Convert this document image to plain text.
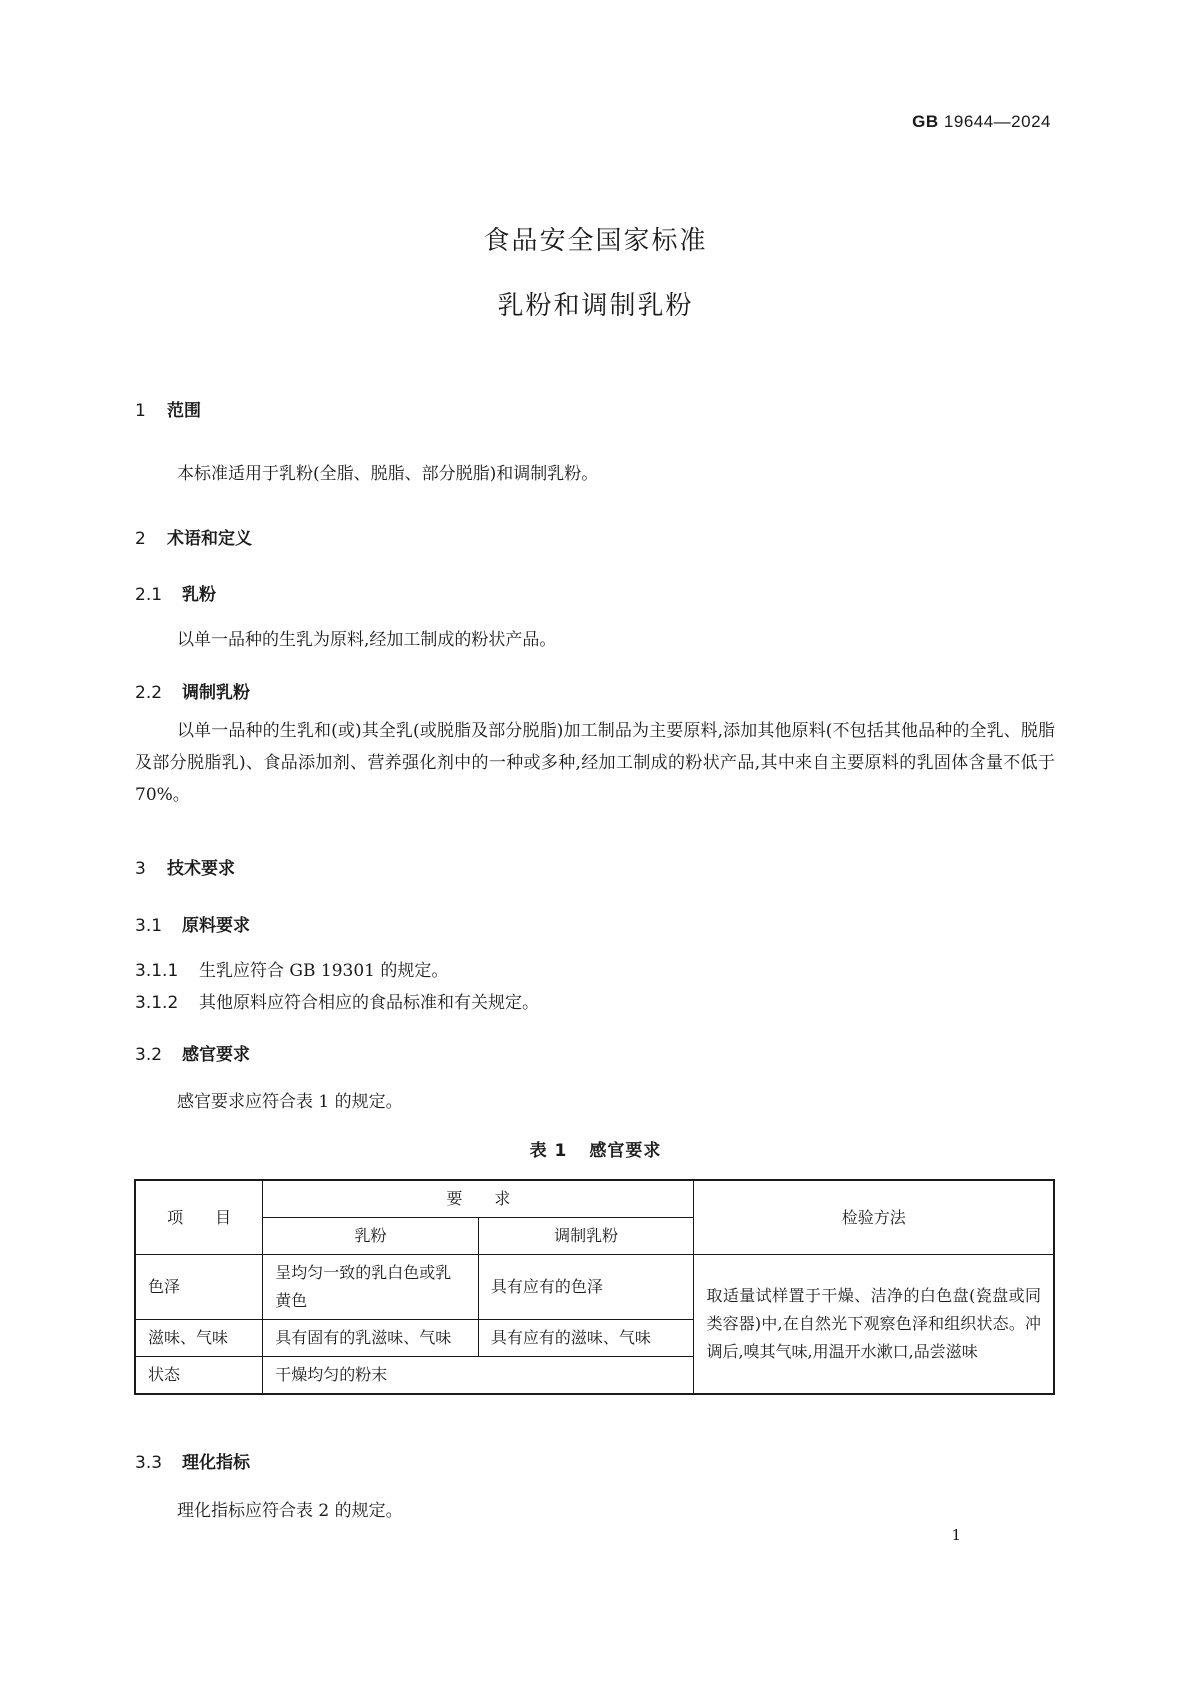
GB 19644—2024
食品安全国家标准
乳粉和调制乳粉
1 范围
本标准适用于乳粉(全脂、脱脂、部分脱脂)和调制乳粉。
2 术语和定义
2.1 乳粉
以单一品种的生乳为原料,经加工制成的粉状产品。
2.2 调制乳粉
以单一品种的生乳和(或)其全乳(或脱脂及部分脱脂)加工制品为主要原料,添加其他原料(不包括其他品种的全乳、脱脂及部分脱脂乳)、食品添加剂、营养强化剂中的一种或多种,经加工制成的粉状产品,其中来自主要原料的乳固体含量不低于 70%。
3 技术要求
3.1 原料要求
3.1.1 生乳应符合 GB 19301 的规定。
3.1.2 其他原料应符合相应的食品标准和有关规定。
3.2 感官要求
感官要求应符合表 1 的规定。
表 1 感官要求
项　　目	要　　求		检验方法
	乳粉	调制乳粉	
色泽	呈均匀一致的乳白色或乳黄色	具有应有的色泽	取适量试样置于干燥、洁净的白色盘(瓷盘或同类容器)中,在自然光下观察色泽和组织状态。冲调后,嗅其气味,用温开水漱口,品尝滋味
滋味、气味	具有固有的乳滋味、气味	具有应有的滋味、气味	
状态	干燥均匀的粉末		
3.3 理化指标
理化指标应符合表 2 的规定。
1
